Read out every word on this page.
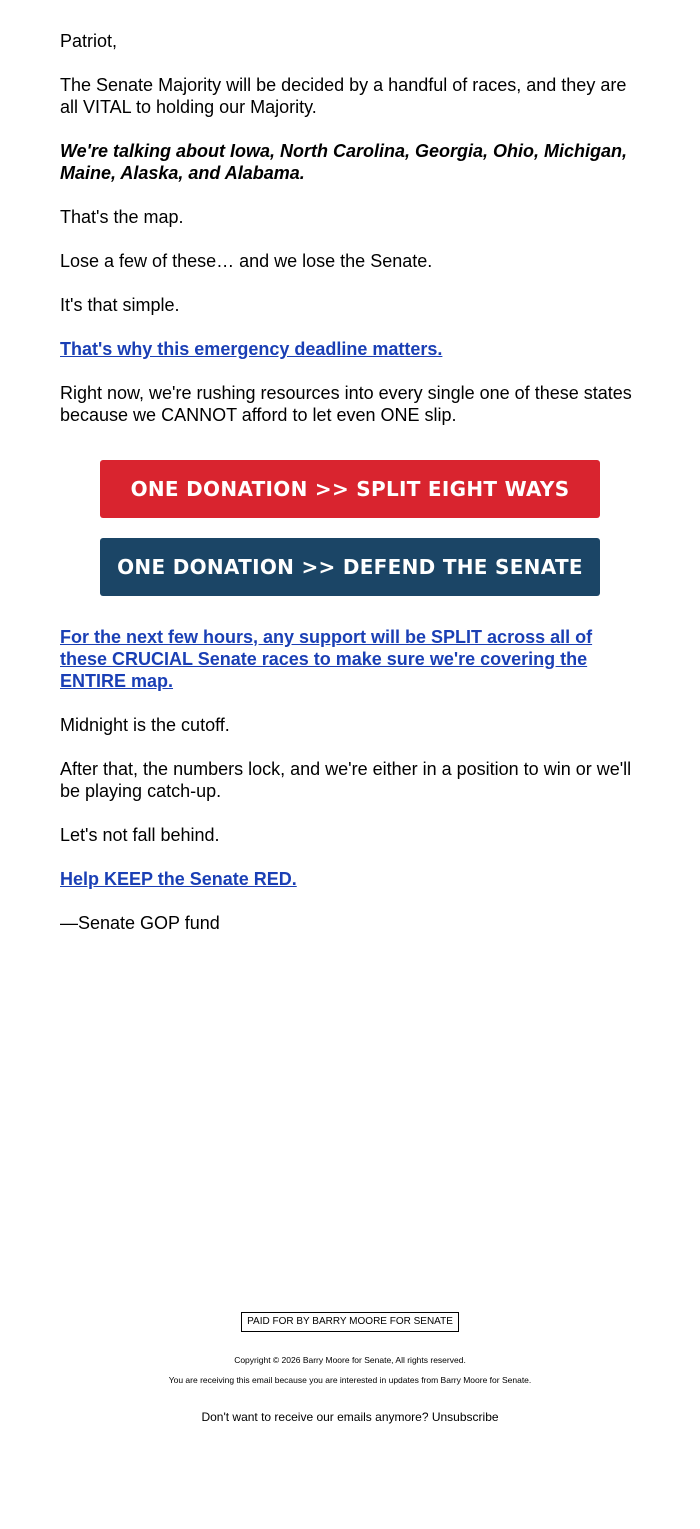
Patriot,

The Senate Majority will be decided by a handful of races, and they are all VITAL to holding our Majority.

We're talking about Iowa, North Carolina, Georgia, Ohio, Michigan, Maine, Alaska, and Alabama.

That's the map.

Lose a few of these… and we lose the Senate.

It's that simple.

That's why this emergency deadline matters.

Right now, we're rushing resources into every single one of these states because we CANNOT afford to let even ONE slip.

ONE DONATION >> SPLIT EIGHT WAYS
ONE DONATION >> DEFEND THE SENATE

For the next few hours, any support will be SPLIT across all of these CRUCIAL Senate races to make sure we're covering the ENTIRE map.

Midnight is the cutoff.

After that, the numbers lock, and we're either in a position to win or we'll be playing catch-up.

Let's not fall behind.

Help KEEP the Senate RED.

—Senate GOP fund

PAID FOR BY BARRY MOORE FOR SENATE
Copyright © 2026 Barry Moore for Senate, All rights reserved.
You are receiving this email because you are interested in updates from Barry Moore for Senate.
Don't want to receive our emails anymore? Unsubscribe
